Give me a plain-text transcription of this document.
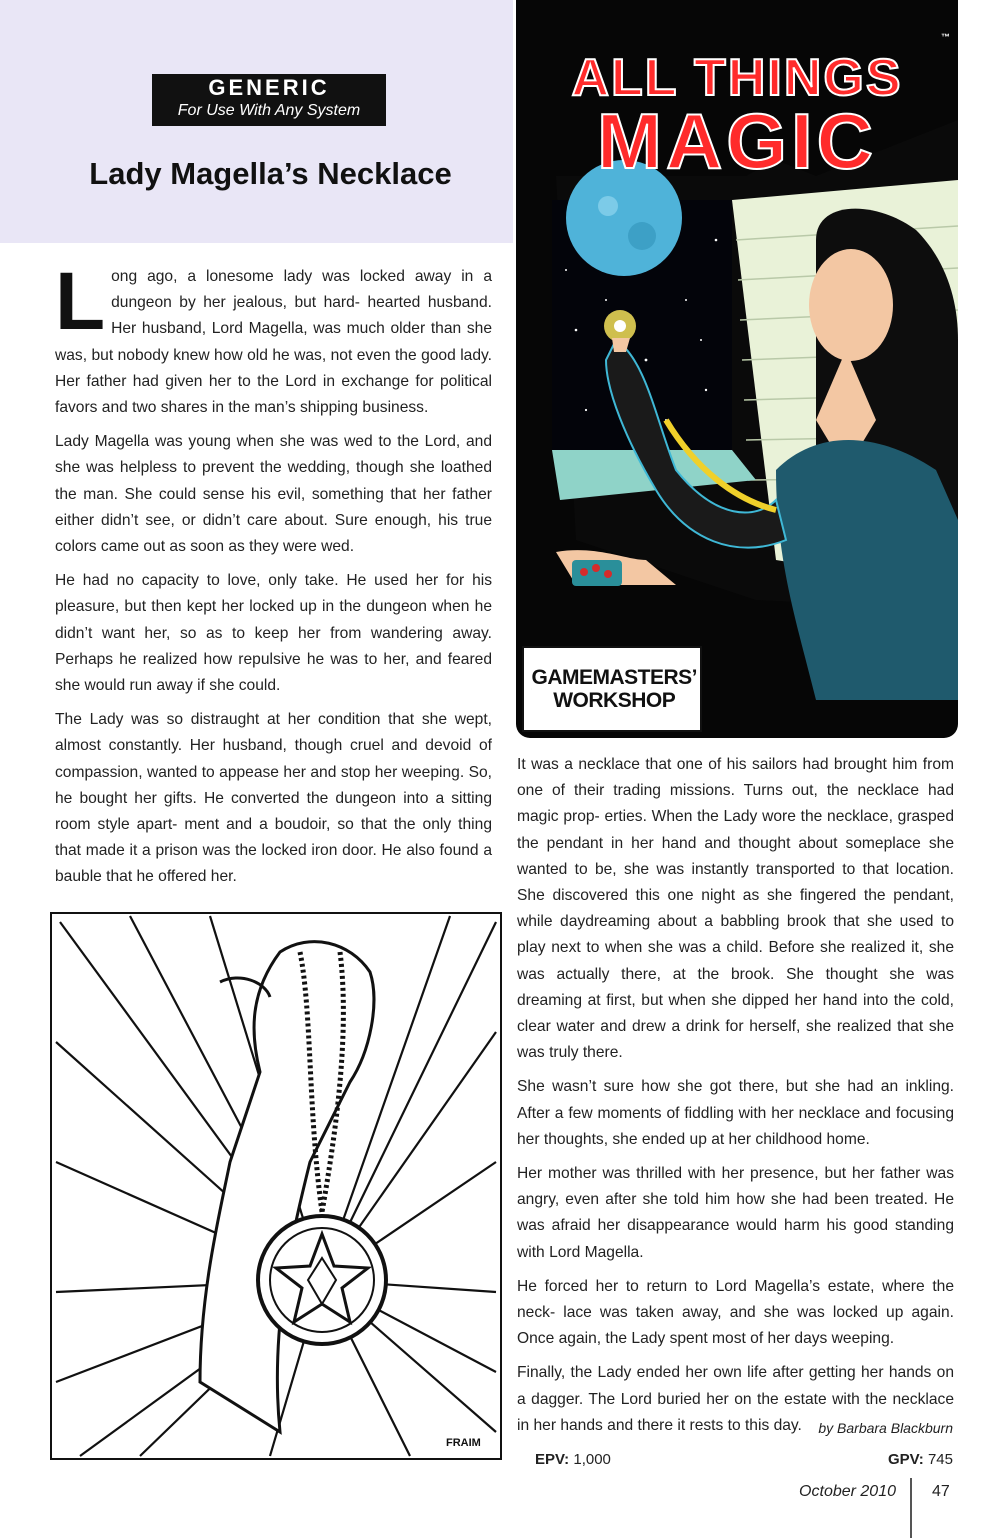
GENERIC
For Use With Any System
Lady Magella’s Necklace

Long ago, a lonesome lady was locked away in a dungeon by her jealous, but hard- hearted husband. Her husband, Lord Magella, was much older than she was, but nobody knew how old he was, not even the good lady. Her father had given her to the Lord in exchange for political favors and two shares in the man’s shipping business.

Lady Magella was young when she was wed to the Lord, and she was helpless to prevent the wedding, though she loathed the man. She could sense his evil, something that her father either didn’t see, or didn’t care about. Sure enough, his true colors came out as soon as they were wed.

He had no capacity to love, only take. He used her for his pleasure, but then kept her locked up in the dungeon when he didn’t want her, so as to keep her from wandering away. Perhaps he realized how repulsive he was to her, and feared she would run away if she could.

The Lady was so distraught at her condition that she wept, almost constantly. Her husband, though cruel and devoid of compassion, wanted to appease her and stop her weeping. So, he bought her gifts. He converted the dungeon into a sitting room style apart- ment and a boudoir, so that the only thing that made it a prison was the locked iron door. He also found a bauble that he offered her.

™
ALL THINGS
MAGIC
GAMEMASTERS’
WORKSHOP

It was a necklace that one of his sailors had brought him from one of their trading missions. Turns out, the necklace had magic prop- erties. When the Lady wore the necklace, grasped the pendant in her hand and thought about someplace she wanted to be, she was instantly transported to that location. She discovered this one night as she fingered the pendant, while daydreaming about a babbling brook that she used to play next to when she was a child. Before she realized it, she was actually there, at the brook. She thought she was dreaming at first, but when she dipped her hand into the cold, clear water and drew a drink for herself, she realized that she was truly there.

She wasn’t sure how she got there, but she had an inkling. After a few moments of fiddling with her necklace and focusing her thoughts, she ended up at her childhood home.

Her mother was thrilled with her presence, but her father was angry, even after she told him how she had been treated. He was afraid her disappearance would harm his good standing with Lord Magella.

He forced her to return to Lord Magella’s estate, where the neck- lace was taken away, and she was locked up again. Once again, the Lady spent most of her days weeping.

Finally, the Lady ended her own life after getting her hands on a dagger. The Lord buried her on the estate with the necklace in her hands and there it rests to this day.

FRAIM
by Barbara Blackburn
EPV: 1,000	GPV: 745
October 2010 47
